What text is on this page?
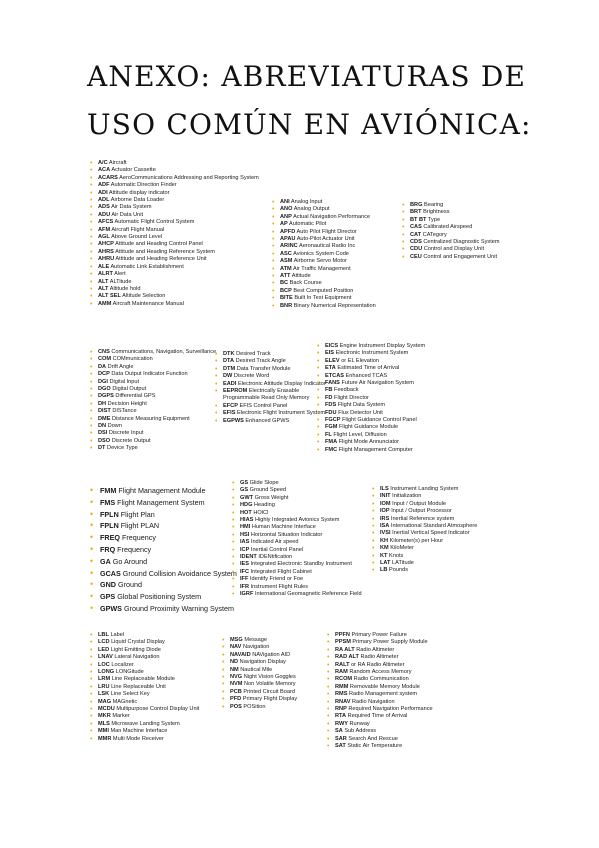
ANEXO: ABREVIATURAS DE
USO COMÚN EN AVIÓNICA:
• A/C Aircraft
• ACA Actuator Cassette
• ACARS AeroCommunications Addressing and Reporting System
• ADF Automatic Direction Finder
• ADI Attitude display indicator
• ADL Airborne Data Loader
• ADS Air Data System
• ADU Air Data Unit
• AFCS Automatic Flight Control System
• AFM Aircraft Flight Manual
• AGL Above Ground Level
• AHCP Attitude and Heading Control Panel
• AHRS Attitude and Heading Reference System
• AHRU Attitude and Heading Reference Unit
• ALE Automatic Link Establishment
• ALRT Alert
• ALT ALTitude
• ALT Altitude hold
• ALT SEL Altitude Selection
• AMM Aircraft Maintenance Manual
• ANI Analog Input
• ANO Analog Output
• ANP Actual Navigation Performance
• AP Automatic Pilot
• APFD Auto Pilot Flight Director
• APAU Auto-Pilot Actuator Unit
• ARINC Aeronautical Radio Inc
• ASC Avionics System Code
• ASM Airborne Servo Motor
• ATM Air Traffic Management
• ATT Attitude
• BC Back Course
• BCP Best Computed Position
• BITE Built In Test Equipment
• BNR Binary Numerical Representation
• BRG Bearing
• BRT Brightness
• BT BT Type
• CAS Calibrated Airspeed
• CAT CATegory
• CDS Centralized Diagnostic System
• CDU Control and Display Unit
• CEU Control and Engagement Unit
• CNS Communications, Navigation, Surveillance
• COM COMmunication
• DA Drift Angle
• DCP Data Output Indicator Function
• DGI Digital Input
• DGO Digital Output
• DGPS Differential GPS
• DH Decision Height
• DIST DISTance
• DME Distance Measuring Equipment
• DN Down
• DSI Discrete Input
• DSO Discrete Output
• DT Device Type
• DTK Desired Track
• DTA Desired Track Angle
• DTM Data Transfer Module
• DW Discrete Word
• EADI Electronic Attitude Display Indicator
• EEPROM Electrically Erasable Programmable Read Only Memory
• EFCP EFIS Control Panel
• EFIS Electronic Flight Instrument System
• EGPWS Enhanced GPWS
• EICS Engine Instrument Display System
• EIS Electronic Instrument System
• ELEV or EL Elevation
• ETA Estimated Time of Arrival
• ETCAS Enhanced TCAS
• FANS Future Air Navigation System
• FB Feedback
• FD Flight Director
• FDS Flight Data System
• FDU Flux Detector Unit
• FGCP Flight Guidance Control Panel
• FGM Flight Guidance Module
• FL Flight Level, Diffusion
• FMA Flight Mode Annunciator
• FMC Flight Management Computer
• FMM Flight Management Module
• FMS Flight Management System
• FPLN Flight Plan
• FPLN Flight PLAN
• FREQ Frequency
• FRQ Frequency
• GA Go Around
• GCAS Ground Collision Avoidance System
• GND Ground
• GPS Global Positioning System
• GPWS Ground Proximity Warning System
• GS Glide Slope
• GS Ground Speed
• GWT Gross Weight
• HDG Heading
• HOT HOlCl
• HIAS Highly Integrated Avionics System
• HMI Human Machine Interface
• HSI Horizontal Situation Indicator
• IAS Indicated Air speed
• ICP Inertial Control Panel
• IDENT IDENtification
• IES Integrated Electronic Standby Instrument
• IFC Integrated Flight Cabinet
• IFF Identify Friend or Foe
• IFR Instrument Flight Rules
• IGRF International Geomagnetic Reference Field
• ILS Instrument Landing System
• INIT Initialization
• IOM Input / Output Module
• IOP Input / Output Processor
• IRS Inertial Reference system
• ISA International Standard Atmosphere
• IVSI Inertial Vertical Speed Indicator
• KH Kilometer(s) per Hour
• KM KiloMeter
• KT Knots
• LAT LATitude
• LB Pounds
• LBL Label
• LCD Liquid Crystal Display
• LED Light Emitting Diode
• LNAV Lateral Navigation
• LOC Localizer
• LONG LONGitude
• LRM Line Replaceable Module
• LRU Line Replaceable Unit
• LSK Line Select Key
• MAG MAGnetic
• MCDU Multipurpose Control Display Unit
• MKR Marker
• MLS Microwave Landing System
• MMI Man Machine Interface
• MMR Multi Mode Receiver
• MSG Message
• NAV Navigation
• NAVAID NAVigation AID
• ND Navigation Display
• NM Nautical Mile
• NVG Night Vision Goggles
• NVM Non Volatile Memory
• PCB Printed Circuit Board
• PFD Primary Flight Display
• POS POSition
• PPFN Primary Power Failure
• PPSM Primary Power Supply Module
• RA ALT Radio Altimeter
• RAD ALT Radio Altimeter
• RALT or RA Radio Altimeter
• RAM Random Access Memory
• RCOM Radio Communication
• RMM Removable Memory Module
• RMS Radio Management system
• RNAV Radio Navigation
• RNP Required Navigation Performance
• RTA Required Time of Arrival
• RWY Runway
• SA Sub Address
• SAR Search And Rescue
• SAT Static Air Temperature
